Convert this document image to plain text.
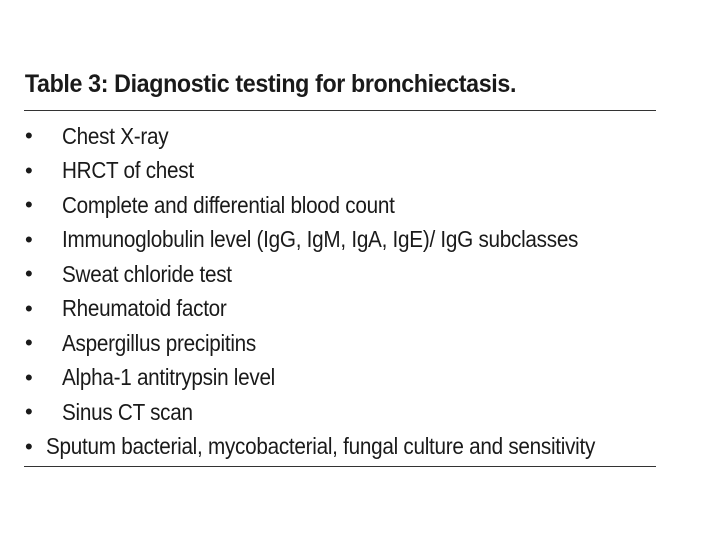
Table 3: Diagnostic testing for bronchiectasis.
•	Chest X-ray
•	HRCT of chest
•	Complete and differential blood count
•	Immunoglobulin level (IgG, IgM, IgA, IgE)/ IgG subclasses
•	Sweat chloride test
•	Rheumatoid factor
•	Aspergillus precipitins
•	Alpha-1 antitrypsin level
•	Sinus CT scan
• Sputum bacterial, mycobacterial, fungal culture and sensitivity
